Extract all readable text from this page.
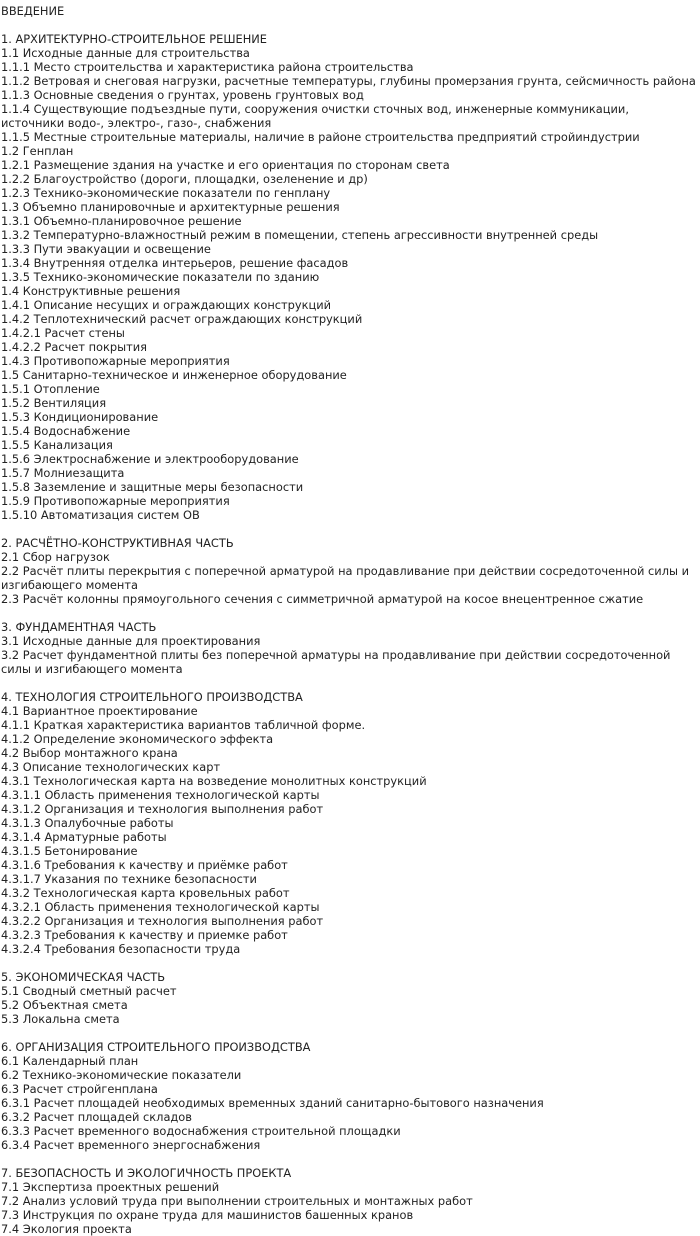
ВВЕДЕНИЕ
1. АРХИТЕКТУРНО-СТРОИТЕЛЬНОЕ РЕШЕНИЕ
1.1 Исходные данные для строительства
1.1.1 Место строительства и характеристика района строительства
1.1.2 Ветровая и снеговая нагрузки, расчетные температуры, глубины промерзания грунта, сейсмичность района
1.1.3 Основные сведения о грунтах, уровень грунтовых вод
1.1.4 Существующие подъездные пути, сооружения очистки сточных вод, инженерные коммуникации, источники водо-, электро-, газо-, снабжения
1.1.5 Местные строительные материалы, наличие в районе строительства предприятий стройиндустрии
1.2 Генплан
1.2.1 Размещение здания на участке и его ориентация по сторонам света
1.2.2 Благоустройство (дороги, площадки, озеленение и др)
1.2.3 Технико-экономические показатели по генплану
1.3 Объемно планировочные и архитектурные решения
1.3.1 Объемно-планировочное решение
1.3.2 Температурно-влажностный режим в помещении, степень агрессивности внутренней среды
1.3.3 Пути эвакуации и освещение
1.3.4 Внутренняя отделка интерьеров, решение фасадов
1.3.5 Технико-экономические показатели по зданию
1.4 Конструктивные решения
1.4.1 Описание несущих и ограждающих конструкций
1.4.2 Теплотехнический расчет ограждающих конструкций
1.4.2.1 Расчет стены
1.4.2.2 Расчет покрытия
1.4.3 Противопожарные мероприятия
1.5 Санитарно-техническое и инженерное оборудование
1.5.1 Отопление
1.5.2 Вентиляция
1.5.3 Кондиционирование
1.5.4 Водоснабжение
1.5.5 Канализация
1.5.6 Электроснабжение и электрооборудование
1.5.7 Молниезащита
1.5.8 Заземление и защитные меры безопасности
1.5.9 Противопожарные мероприятия
1.5.10 Автоматизация систем ОВ
2. РАСЧЁТНО-КОНСТРУКТИВНАЯ ЧАСТЬ
2.1 Сбор нагрузок
2.2 Расчёт плиты перекрытия с поперечной арматурой на продавливание при действии сосредоточенной силы и изгибающего момента
2.3 Расчёт колонны прямоугольного сечения с симметричной арматурой на косое внецентренное сжатие
3. ФУНДАМЕНТНАЯ ЧАСТЬ
3.1 Исходные данные для проектирования
3.2 Расчет фундаментной плиты без поперечной арматуры на продавливание при действии сосредоточенной силы и изгибающего момента
4. ТЕХНОЛОГИЯ СТРОИТЕЛЬНОГО ПРОИЗВОДСТВА
4.1 Вариантное проектирование
4.1.1 Краткая характеристика вариантов табличной форме.
4.1.2 Определение экономического эффекта
4.2 Выбор монтажного крана
4.3 Описание технологических карт
4.3.1 Технологическая карта на возведение монолитных конструкций
4.3.1.1 Область применения технологической карты
4.3.1.2 Организация и технология выполнения работ
4.3.1.3 Опалубочные работы
4.3.1.4 Арматурные работы
4.3.1.5 Бетонирование
4.3.1.6 Требования к качеству и приёмке работ
4.3.1.7 Указания по технике безопасности
4.3.2 Технологическая карта кровельных работ
4.3.2.1 Область применения технологической карты
4.3.2.2 Организация и технология выполнения работ
4.3.2.3 Требования к качеству и приемке работ
4.3.2.4 Требования безопасности труда
5. ЭКОНОМИЧЕСКАЯ ЧАСТЬ
5.1 Сводный сметный расчет
5.2 Объектная смета
5.3 Локальна смета
6. ОРГАНИЗАЦИЯ СТРОИТЕЛЬНОГО ПРОИЗВОДСТВА
6.1 Календарный план
6.2 Технико-экономические показатели
6.3 Расчет стройгенплана
6.3.1 Расчет площадей необходимых временных зданий санитарно-бытового назначения
6.3.2 Расчет площадей складов
6.3.3 Расчет временного водоснабжения строительной площадки
6.3.4 Расчет временного энергоснабжения
7. БЕЗОПАСНОСТЬ И ЭКОЛОГИЧНОСТЬ ПРОЕКТА
7.1 Экспертиза проектных решений
7.2 Анализ условий труда при выполнении строительных и монтажных работ
7.3 Инструкция по охране труда для машинистов башенных кранов
7.4 Экология проекта
